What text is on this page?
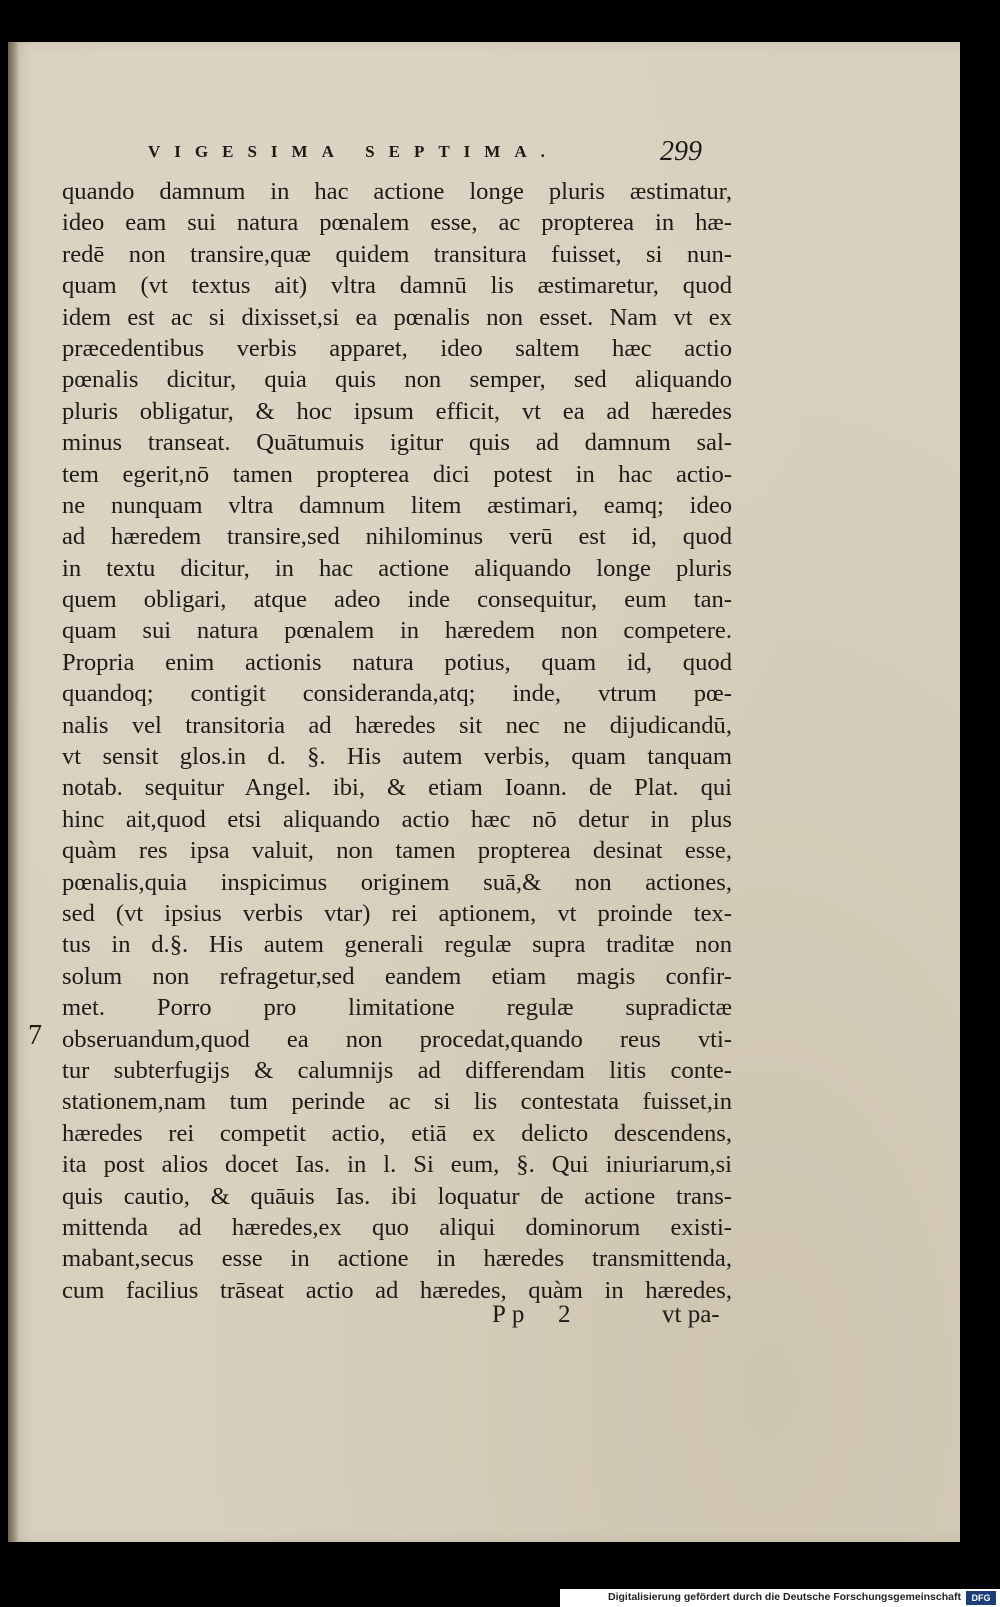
VIGESIMA SEPTIMA.	299
7
quando damnum in hac actione longe pluris æstimatur,
ideo eam sui natura pœnalem esse, ac propterea in hæ-
redē non transire,quæ quidem transitura fuisset, si nun-
quam (vt textus ait) vltra damnū lis æstimaretur, quod
idem est ac si dixisset,si ea pœnalis non esset. Nam vt ex
præcedentibus verbis apparet, ideo saltem hæc actio
pœnalis dicitur, quia quis non semper, sed aliquando
pluris obligatur, & hoc ipsum efficit, vt ea ad hæredes
minus transeat. Quātumuis igitur quis ad damnum sal-
tem egerit,nō tamen propterea dici potest in hac actio-
ne nunquam vltra damnum litem æstimari, eamq; ideo
ad hæredem transire,sed nihilominus verū est id, quod
in textu dicitur, in hac actione aliquando longe pluris
quem obligari, atque adeo inde consequitur, eum tan-
quam sui natura pœnalem in hæredem non competere.
Propria enim actionis natura potius, quam id, quod
quandoq; contigit consideranda,atq; inde, vtrum pœ-
nalis vel transitoria ad hæredes sit nec ne dijudicandū,
vt sensit glos.in d. §. His autem verbis, quam tanquam
notab. sequitur Angel. ibi, & etiam Ioann. de Plat. qui
hinc ait,quod etsi aliquando actio hæc nō detur in plus
quàm res ipsa valuit, non tamen propterea desinat esse,
pœnalis,quia inspicimus originem suā,& non actiones,
sed (vt ipsius verbis vtar) rei aptionem, vt proinde tex-
tus in d.§. His autem generali regulæ supra traditæ non
solum non refragetur,sed eandem etiam magis confir-
met. Porro pro limitatione regulæ supradictæ
obseruandum,quod ea non procedat,quando reus vti-
tur subterfugijs & calumnijs ad differendam litis conte-
stationem,nam tum perinde ac si lis contestata fuisset,in
hæredes rei competit actio, etiā ex delicto descendens,
ita post alios docet Ias. in l. Si eum, §. Qui iniuriarum,si
quis cautio, & quāuis Ias. ibi loquatur de actione trans-
mittenda ad hæredes,ex quo aliqui dominorum existi-
mabant,secus esse in actione in hæredes transmittenda,
cum facilius trāseat actio ad hæredes, quàm in hæredes,
Pp 2	vt pa-
Digitalisierung gefördert durch die Deutsche Forschungsgemeinschaft	DFG
